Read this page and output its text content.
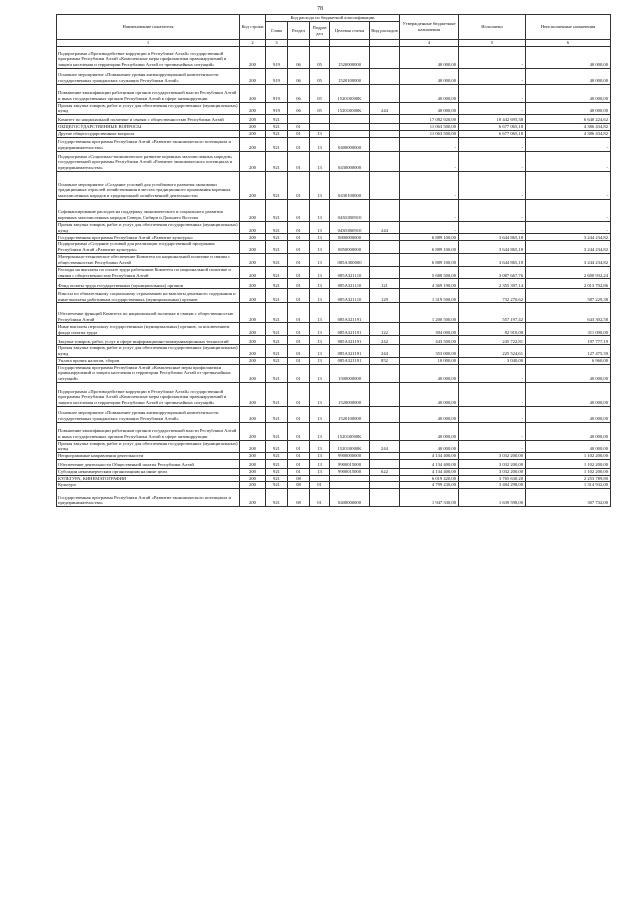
78
Наименование показателя	Код строки	Код расхода по бюджетной классификации					Утвержденные бюджетные назначения	Исполнено	Неисполненные назначения
		Глава	Раздел	Подраз дел	Целевая статья	Вид расходов			
1	2	3					4	5	6
Подпрограмма «Противодействие коррупции в Республике Алтай» государственной программы Республики Алтай «Комплексные меры профилактики правонарушений и защита населения и территории Республики Алтай от чрезвычайных ситуаций»	200	919	06	05	1520000000		40 000,00	-	40 000,00
Основное мероприятие «Повышение уровня антикоррупционной компетентности государственных гражданских служащих Республики Алтай»	200	919	06	05	1520100000		40 000,00	-	40 000,00
Повышение квалификации работников органов государственной власти Республики Алтай и иных государственных органов Республики Алтай в сфере антикоррупции	200	919	06	05	152010000K		40 000,00	-	40 000,00
Прочая закупка товаров, работ и услуг для обеспечения государственных (муниципальных) нужд	200	919	06	05	152010000K	244	40 000,00	-	40 000,00
Комитет по национальной политике и связям с общественностью Республики Алтай	200	921					17 082 920,00	10 442 695,38	6 640 224,62
ОБЩЕГОСУДАРСТВЕННЫЕ ВОПРОСЫ	200	921	01				11 063 500,00	6 677 065,18	4 386 434,82
Другие общегосударственные вопросы	200	921	01	13			11 063 500,00	6 677 065,18	4 386 434,82
Государственная программа Республики Алтай «Развитие экономического потенциала и предпринимательства»	200	921	01	13	0400000000		-	-	-
Подпрограмма «Социально-экономическое развитие коренных малочисленных народов» государственной программы Республики Алтай «Развитие экономического потенциала и предпринимательства»	200	921	01	13	0430000000		-	-	-
Основное мероприятие «Создание условий для устойчивого развития экономики традиционных отраслей хозяйствования в местах традиционного проживания коренных малочисленных народов и традиционной хозяйственной деятельности»	200	921	01	13	0430100000		-	-	-
Софинансирование расходов на поддержку экономического и социального развития коренных малочисленных народов Севера, Сибири и Дальнего Востока	200	921	01	13	04301R0910		-	-	-
Прочая закупка товаров, работ и услуг для обеспечения государственных (муниципальных) нужд	200	921	01	13	04301R0910	244	-	-	-
Государственная программа Республики Алтай «Развитие культуры»	200	921	01	13	0800000000		6 889 100,00	3 644 865,18	3 244 234,82
Подпрограмма «Создание условий для реализации государственной программы Республики Алтай «Развитие культуры»	200	921	01	13	0850000000		6 889 100,00	3 644 865,18	3 244 234,82
Материально-техническое обеспечение Комитета по национальной политике и связям с общественностью Республики Алтай	200	921	01	13	085A300000		6 889 100,00	3 644 865,18	3 244 234,82
Расходы на выплаты по оплате труда работников Комитета по национальной политике и связям с общественностью Республики Алтай	200	921	01	13	085A321110		5 688 500,00	3 087 667,76	2 600 932,24
Фонд оплаты труда государственных (муниципальных) органов	200	921	01	13	085A321110	121	4 369 190,00	2 355 397,14	2 013 702,86
Взносы по обязательному социальному страхованию на выплаты денежного содержания и иные выплаты работникам государственных (муниципальных) органов	200	921	01	13	085A321110	129	1 319 500,00	732 270,62	587 229,38
Обеспечение функций Комитета по национальной политике и связям с общественностью Республики Алтай	200	921	01	13	085A321191		1 200 500,00	557 197,42	643 302,58
Иные выплаты персоналу государственных (муниципальных) органов, за исключением фонда оплаты труда	200	921	01	13	085A321191	122	394 000,00	82 910,00	311 090,00
Закупка товаров, работ, услуг в сфере информационно-коммуникационных технологий	200	921	01	13	085A321191	242	443 500,00	245 722,81	197 777,19
Прочая закупка товаров, работ и услуг для обеспечения государственных (муниципальных) нужд	200	921	01	13	085A321191	244	353 000,00	225 524,61	127 475,39
Уплата прочих налогов, сборов	200	921	01	13	085A321191	852	10 000,00	3 040,00	6 960,00
Государственная программа Республики Алтай «Комплексные меры профилактики правонарушений и защита населения и территории Республики Алтай от чрезвычайных ситуаций»	200	921	01	13	1500000000		40 000,00	-	40 000,00
Подпрограмма «Противодействие коррупции в Республике Алтай» государственной программы Республики Алтай «Комплексные меры профилактики правонарушений и защита населения и территории Республики Алтай от чрезвычайных ситуаций»	200	921	01	13	1520000000		40 000,00	-	40 000,00
Основное мероприятие «Повышение уровня антикоррупционной компетентности государственных гражданских служащих Республики Алтай»	200	921	01	13	1520100000		40 000,00	-	40 000,00
Повышение квалификации работников органов государственной власти Республики Алтай и иных государственных органов Республики Алтай в сфере антикоррупции	200	921	01	13	152010000K		40 000,00	-	40 000,00
Прочая закупка товаров, работ и услуг для обеспечения государственных (муниципальных) нужд	200	921	01	13	152010000K	244	40 000,00	-	40 000,00
Непрограммные направления деятельности	200	921	01	13	9900000000		4 134 400,00	3 032 200,00	1 102 200,00
Обеспечение деятельности Общественной палаты Республики Алтай	200	921	01	13	9900015000		4 134 400,00	3 032 200,00	1 102 200,00
Субсидии некоммерческим организациям на иные цели	200	921	01	13	9900015000	622	4 134 400,00	3 032 200,00	1 102 200,00
КУЛЬТУРА, КИНЕМАТОГРАФИЯ	200	921	08				6 019 420,00	3 765 630,20	2 253 789,80
Культура	200	921	08	01			4 799 230,00	3 484 298,00	1 314 932,00
Государственная программа Республики Алтай «Развитие экономического потенциала и предпринимательства»	200	921	08	01	0400000000		1 947 330,00	1 639 598,00	307 732,00
